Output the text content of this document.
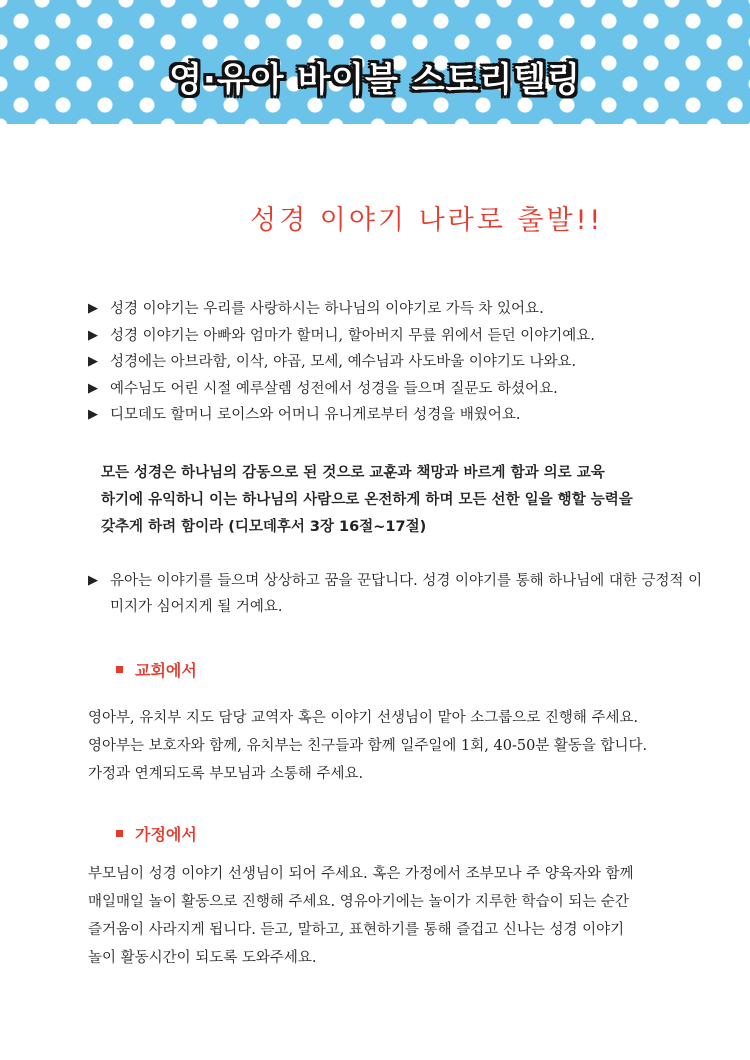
영·유아 바이블 스토리텔링
성경 이야기 나라로 출발!!
▶ 성경 이야기는 우리를 사랑하시는 하나님의 이야기로 가득 차 있어요.
▶ 성경 이야기는 아빠와 엄마가 할머니, 할아버지 무릎 위에서 듣던 이야기예요.
▶ 성경에는 아브라함, 이삭, 야곱, 모세, 예수님과 사도바울 이야기도 나와요.
▶ 예수님도 어린 시절 예루살렘 성전에서 성경을 들으며 질문도 하셨어요.
▶ 디모데도 할머니 로이스와 어머니 유니게로부터 성경을 배웠어요.
모든 성경은 하나님의 감동으로 된 것으로 교훈과 책망과 바르게 함과 의로 교육
하기에 유익하니 이는 하나님의 사람으로 온전하게 하며 모든 선한 일을 행할 능력을
갖추게 하려 함이라 (디모데후서 3장 16절~17절)
▶ 유아는 이야기를 들으며 상상하고 꿈을 꾼답니다. 성경 이야기를 통해 하나님에 대한 긍정적 이미지가 심어지게 될 거예요.
교회에서
영아부, 유치부 지도 담당 교역자 혹은 이야기 선생님이 맡아 소그룹으로 진행해 주세요.
영아부는 보호자와 함께, 유치부는 친구들과 함께 일주일에 1회, 40-50분 활동을 합니다.
가정과 연계되도록 부모님과 소통해 주세요.
가정에서
부모님이 성경 이야기 선생님이 되어 주세요. 혹은 가정에서 조부모나 주 양육자와 함께
매일매일 놀이 활동으로 진행해 주세요. 영유아기에는 놀이가 지루한 학습이 되는 순간
즐거움이 사라지게 됩니다. 듣고, 말하고, 표현하기를 통해 즐겁고 신나는 성경 이야기
놀이 활동시간이 되도록 도와주세요.
